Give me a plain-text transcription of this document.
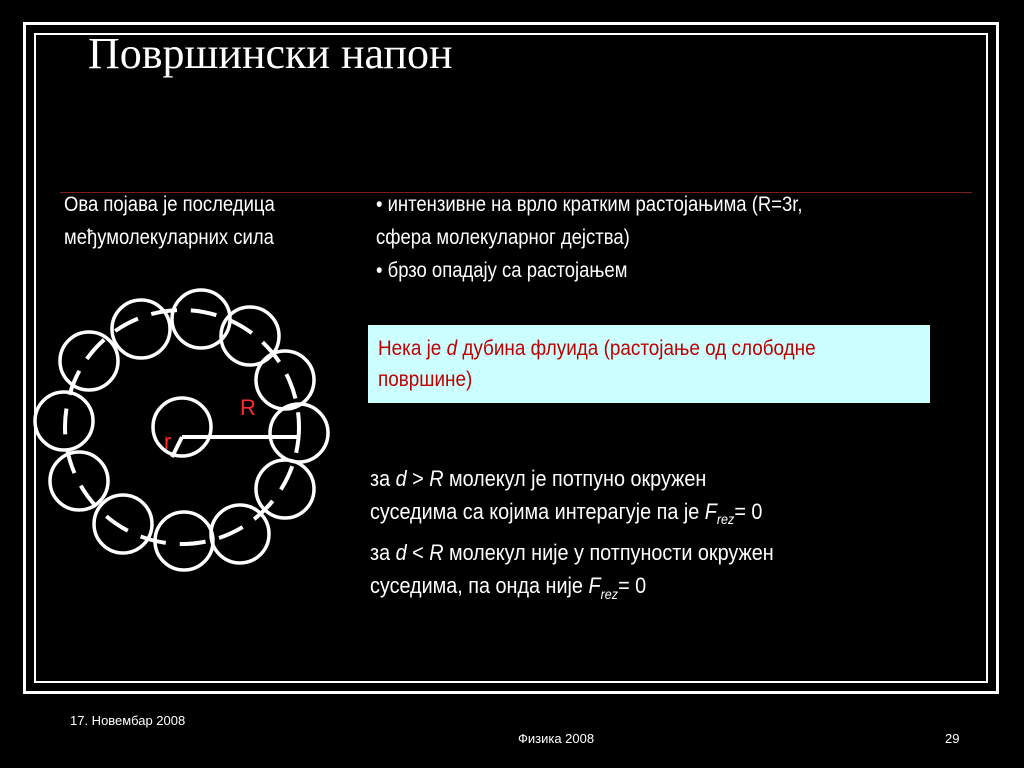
Површински напон
Ова појава је последица међумолекуларних сила
• интензивне на врло кратким растојањима (R=3r,
сфера молекуларног дејства)
• брзо опадају са растојањем
R
r
Нека је d дубина флуида (растојање од слободне
површине)
за d > R молекул је потпуно окружен
суседима са којима интерагује па је $F_{rez}= 0$
за d < R молекул није у потпуности окружен
суседима, па онда није $F_{rez}= 0$
17. Новембар 2008
Физика 2008	29
